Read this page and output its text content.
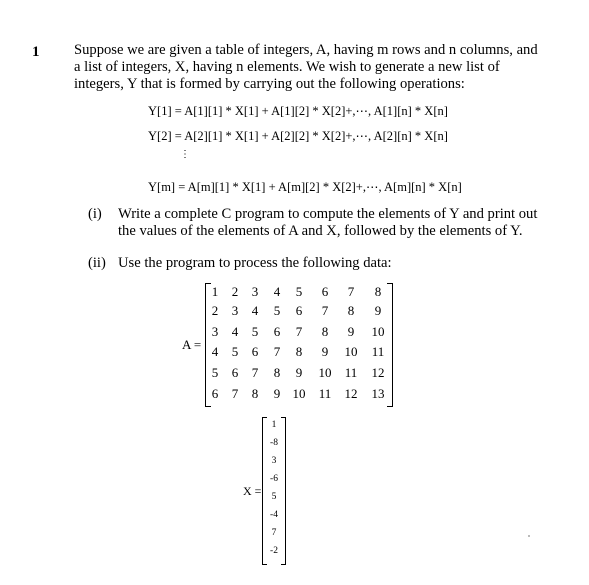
1 Suppose we are given a table of integers, A, having m rows and n columns, and a list of integers, X, having n elements. We wish to generate a new list of integers, Y that is formed by carrying out the following operations:
Y[1] = A[1][1] * X[1] + A[1][2] * X[2]+,⋯, A[1][n] * X[n]
Y[2] = A[2][1] * X[1] + A[2][2] * X[2]+,⋯, A[2][n] * X[n]
⋮
Y[m] = A[m][1] * X[1] + A[m][2] * X[2]+,⋯, A[m][n] * X[n]
(i) Write a complete C program to compute the elements of Y and print out
the values of the elements of A and X, followed by the elements of Y.
(ii) Use the program to process the following data:
A =
1	2	3	4	5	6	7	8
2	3	4	5	6	7	8	9
3	4	5	6	7	8	9	10
4	5	6	7	8	9	10 11
5	6	7	8	9	10 11 12
6	7	8	9 10 11 12 13
X =
1
-8
3
-6
5
-4
7
-2
